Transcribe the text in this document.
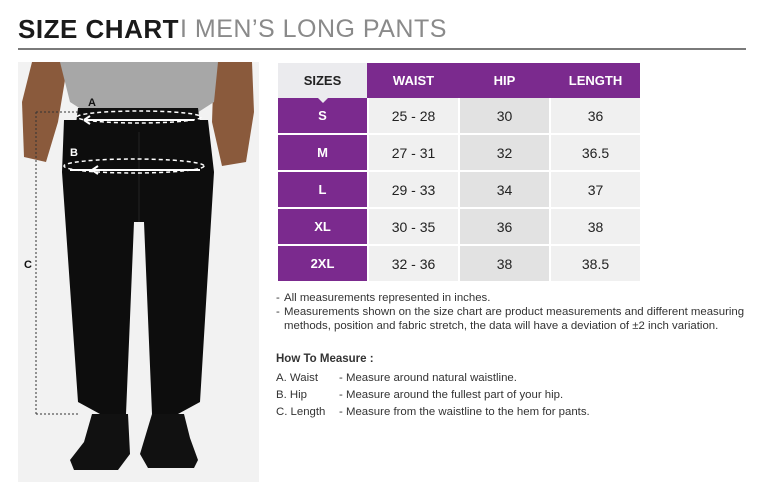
SIZE CHART I MEN’S LONG PANTS
A
B
C
SIZES	WAIST	HIP	LENGTH
S	25 - 28	30	36
M	27 - 31	32	36.5
L	29 - 33	34	37
XL	30 - 35	36	38
2XL	32 - 36	38	38.5
- All measurements represented in inches.
- Measurements shown on the size chart are product measurements and different measuring methods, position and fabric stretch, the data will have a deviation of ±2 inch variation.
How To Measure :
A. Waist	- Measure around natural waistline.
B. Hip	- Measure around the fullest part of your hip.
C. Length	- Measure from the waistline to the hem for pants.
